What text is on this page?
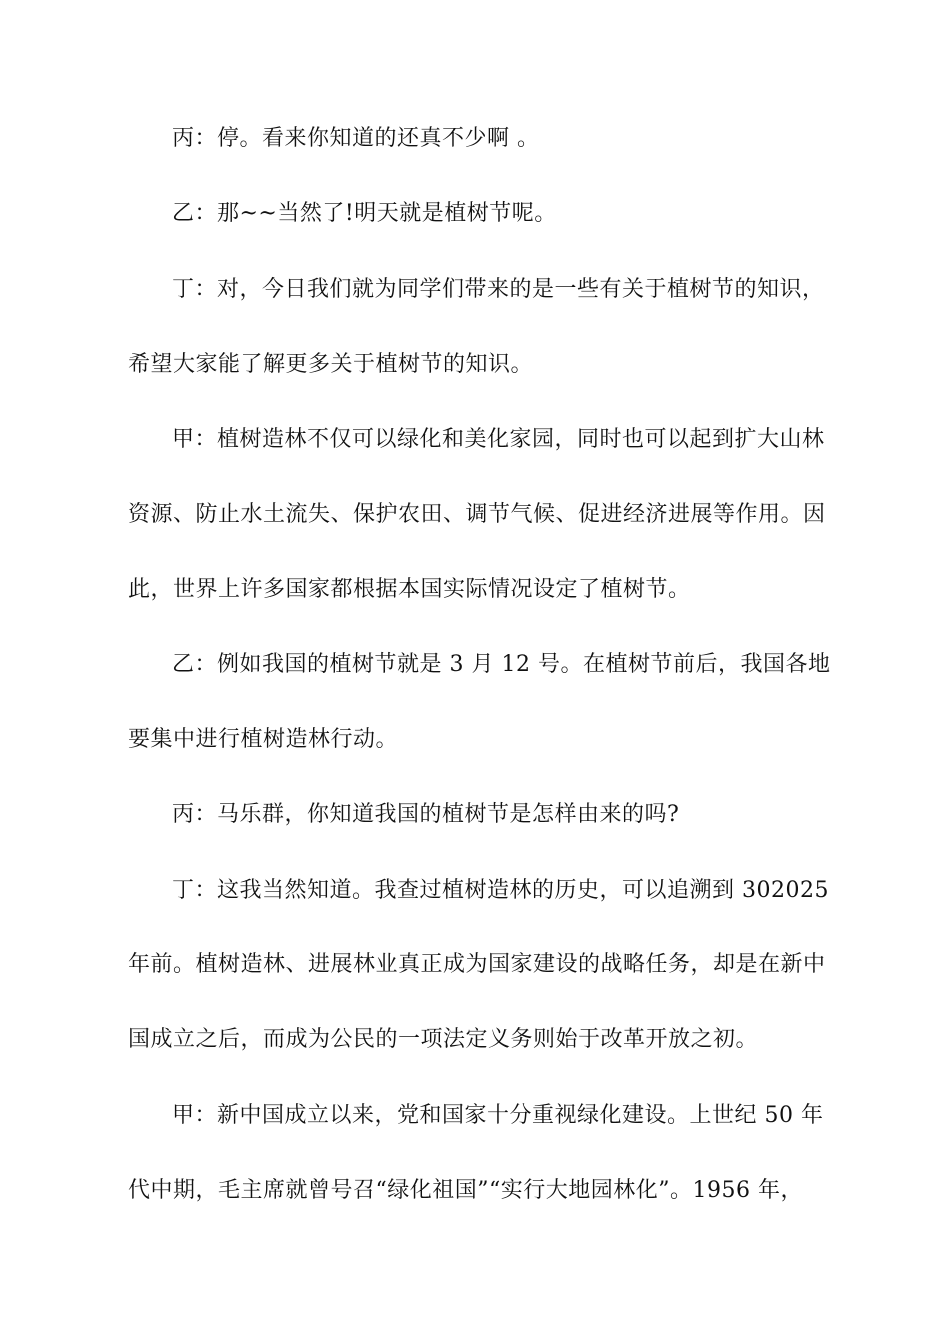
丙：停。看来你知道的还真不少啊 。
乙：那~~当然了!明天就是植树节呢。
丁：对，今日我们就为同学们带来的是一些有关于植树节的知识，
希望大家能了解更多关于植树节的知识。
甲：植树造林不仅可以绿化和美化家园，同时也可以起到扩大山林
资源、防止水土流失、保护农田、调节气候、促进经济进展等作用。因
此，世界上许多国家都根据本国实际情况设定了植树节。
乙：例如我国的植树节就是 3 月 12 号。在植树节前后，我国各地
要集中进行植树造林行动。
丙：马乐群，你知道我国的植树节是怎样由来的吗?
丁：这我当然知道。我查过植树造林的历史，可以追溯到 302025
年前。植树造林、进展林业真正成为国家建设的战略任务，却是在新中
国成立之后，而成为公民的一项法定义务则始于改革开放之初。
甲：新中国成立以来，党和国家十分重视绿化建设。上世纪 50 年
代中期，毛主席就曾号召“绿化祖国”“实行大地园林化”。1956 年，
